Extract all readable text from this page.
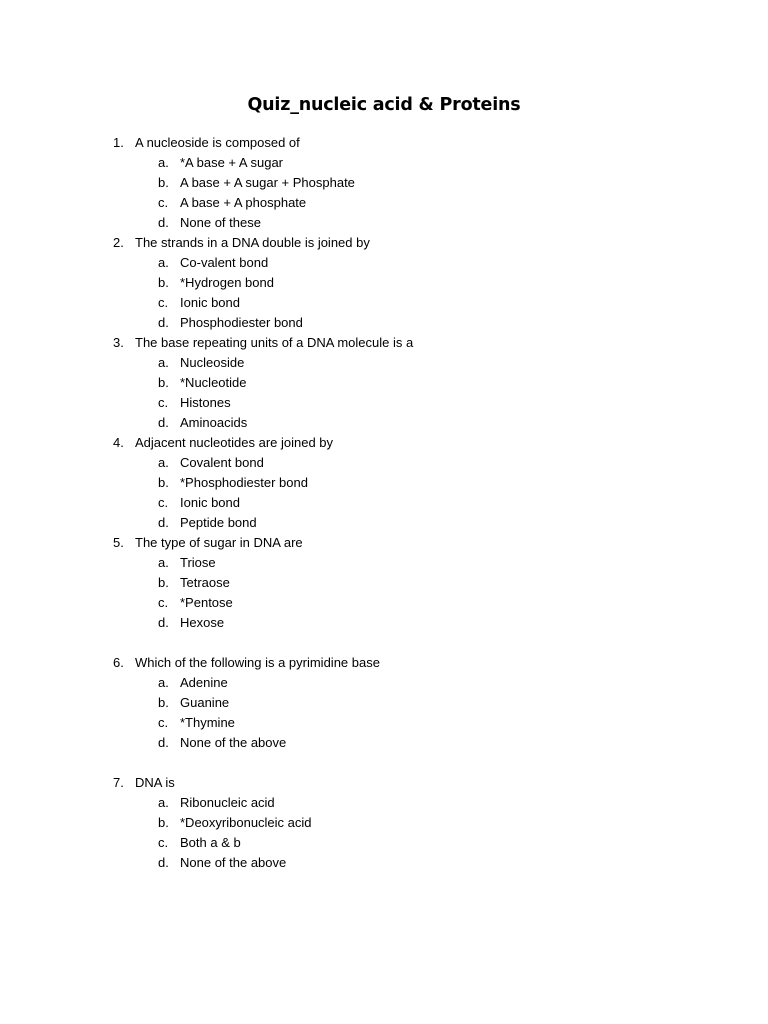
Quiz_nucleic acid & Proteins
1. A nucleoside is composed of
a. *A base + A sugar
b. A base + A sugar + Phosphate
c. A base + A phosphate
d. None of these
2. The strands in a DNA double is joined by
a. Co-valent bond
b. *Hydrogen bond
c. Ionic bond
d. Phosphodiester bond
3. The base repeating units of a DNA molecule is a
a. Nucleoside
b. *Nucleotide
c. Histones
d. Aminoacids
4. Adjacent nucleotides are joined by
a. Covalent bond
b. *Phosphodiester bond
c. Ionic bond
d. Peptide bond
5. The type of sugar in DNA are
a. Triose
b. Tetraose
c. *Pentose
d. Hexose
6. Which of the following is a pyrimidine base
a. Adenine
b. Guanine
c. *Thymine
d. None of the above
7. DNA is
a. Ribonucleic acid
b. *Deoxyribonucleic acid
c. Both a & b
d. None of the above
